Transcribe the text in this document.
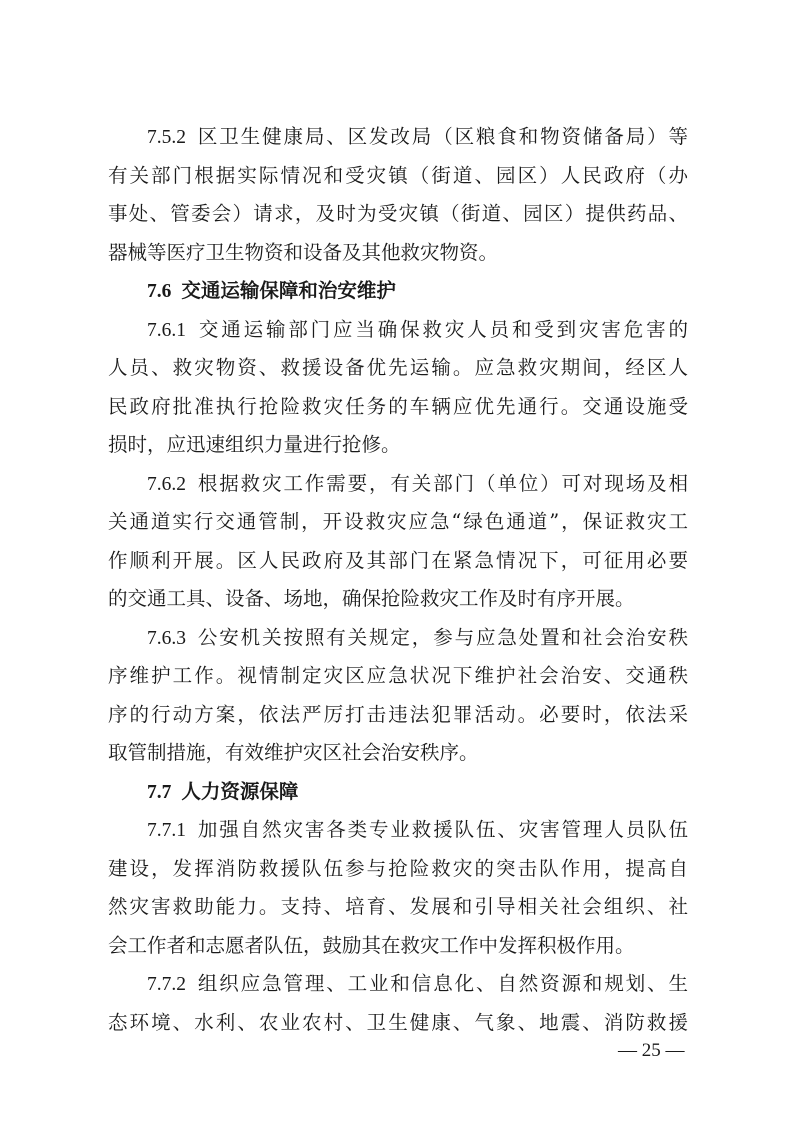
7.5.2 区卫生健康局、区发改局（区粮食和物资储备局）等
有关部门根据实际情况和受灾镇（街道、园区）人民政府（办
事处、管委会）请求，及时为受灾镇（街道、园区）提供药品、
器械等医疗卫生物资和设备及其他救灾物资。
7.6 交通运输保障和治安维护
7.6.1 交通运输部门应当确保救灾人员和受到灾害危害的
人员、救灾物资、救援设备优先运输。应急救灾期间，经区人
民政府批准执行抢险救灾任务的车辆应优先通行。交通设施受
损时，应迅速组织力量进行抢修。
7.6.2 根据救灾工作需要，有关部门（单位）可对现场及相
关通道实行交通管制，开设救灾应急“绿色通道”，保证救灾工
作顺利开展。区人民政府及其部门在紧急情况下，可征用必要
的交通工具、设备、场地，确保抢险救灾工作及时有序开展。
7.6.3 公安机关按照有关规定，参与应急处置和社会治安秩
序维护工作。视情制定灾区应急状况下维护社会治安、交通秩
序的行动方案，依法严厉打击违法犯罪活动。必要时，依法采
取管制措施，有效维护灾区社会治安秩序。
7.7 人力资源保障
7.7.1 加强自然灾害各类专业救援队伍、灾害管理人员队伍
建设，发挥消防救援队伍参与抢险救灾的突击队作用，提高自
然灾害救助能力。支持、培育、发展和引导相关社会组织、社
会工作者和志愿者队伍，鼓励其在救灾工作中发挥积极作用。
7.7.2 组织应急管理、工业和信息化、自然资源和规划、生
态环境、水利、农业农村、卫生健康、气象、地震、消防救援
— 25 —
